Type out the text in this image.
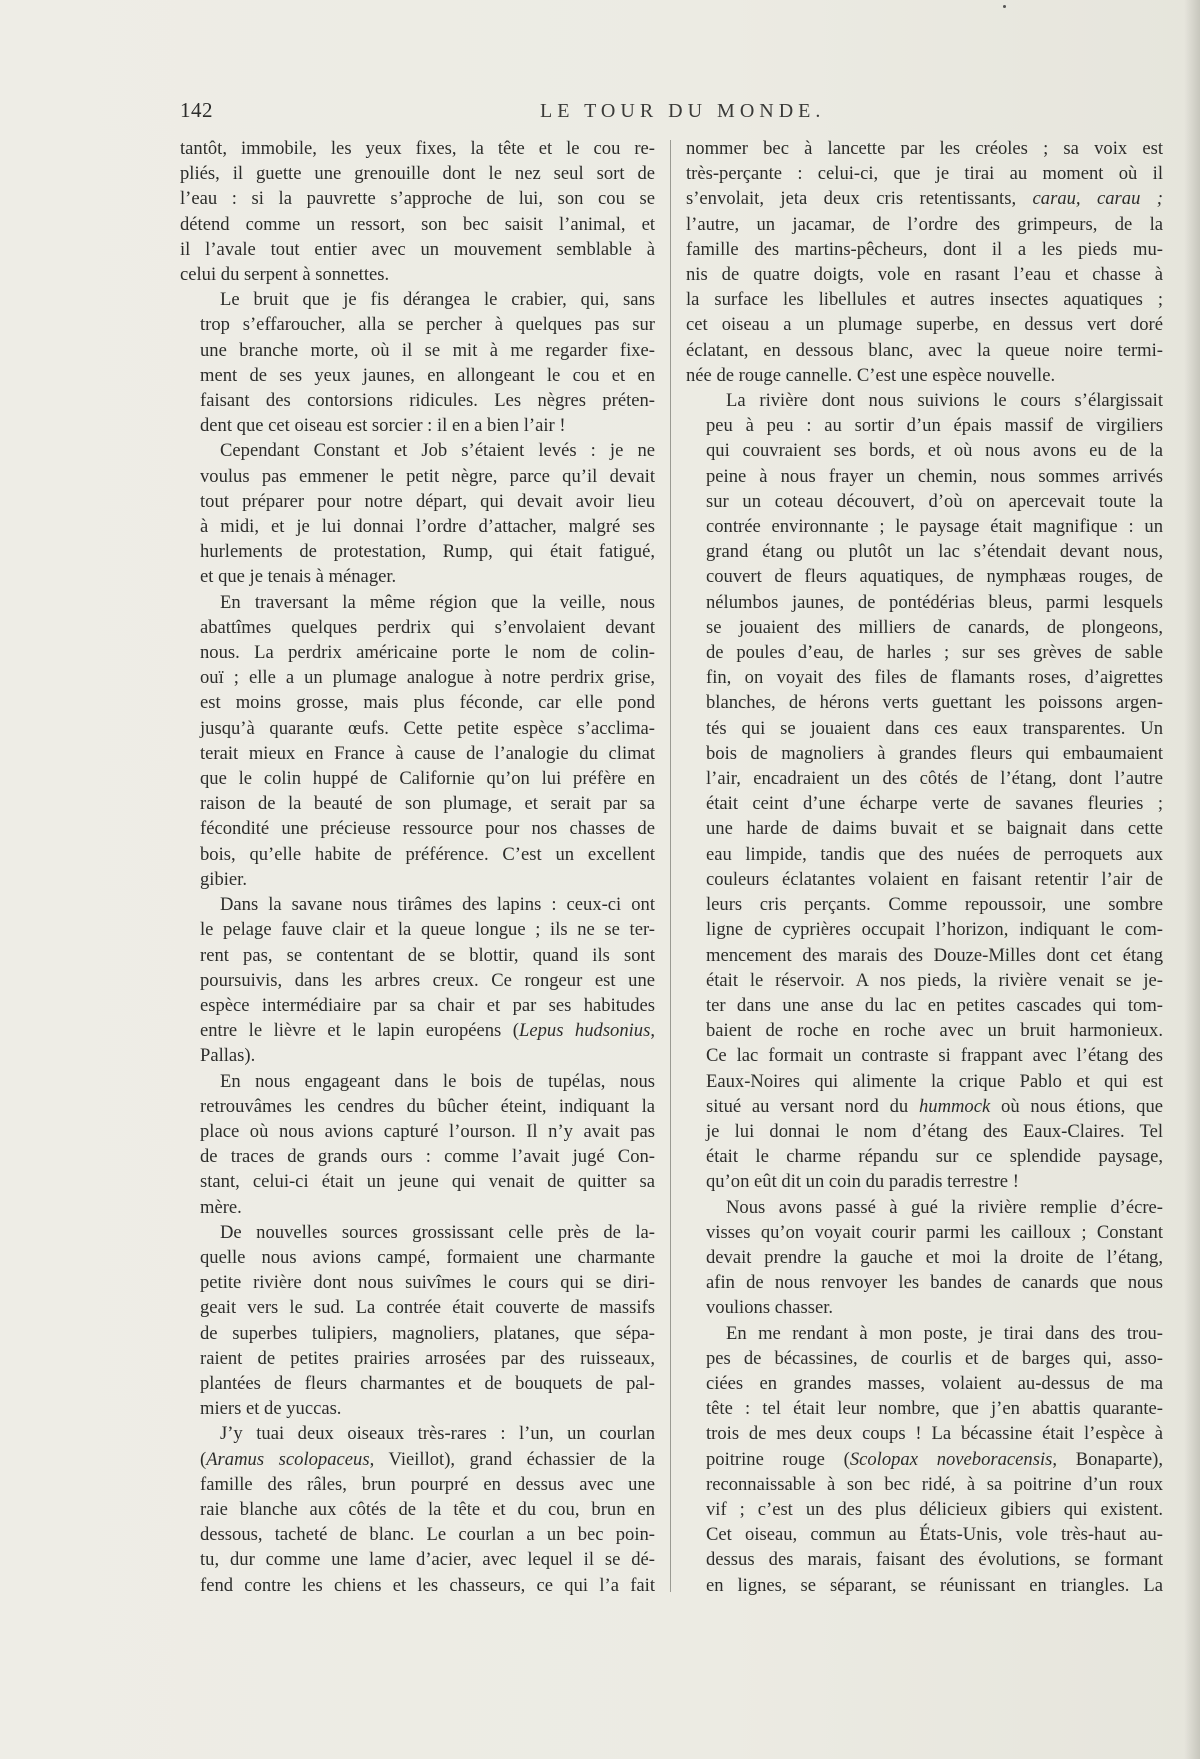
142	LE TOUR DU MONDE.
tantôt, immobile, les yeux fixes, la tête et le cou re-
pliés, il guette une grenouille dont le nez seul sort de
l’eau : si la pauvrette s’approche de lui, son cou se
détend comme un ressort, son bec saisit l’animal, et
il l’avale tout entier avec un mouvement semblable à
celui du serpent à sonnettes.
Le bruit que je fis dérangea le crabier, qui, sans
trop s’effaroucher, alla se percher à quelques pas sur
une branche morte, où il se mit à me regarder fixe-
ment de ses yeux jaunes, en allongeant le cou et en
faisant des contorsions ridicules. Les nègres préten-
dent que cet oiseau est sorcier : il en a bien l’air !
Cependant Constant et Job s’étaient levés : je ne
voulus pas emmener le petit nègre, parce qu’il devait
tout préparer pour notre départ, qui devait avoir lieu
à midi, et je lui donnai l’ordre d’attacher, malgré ses
hurlements de protestation, Rump, qui était fatigué,
et que je tenais à ménager.
En traversant la même région que la veille, nous
abattîmes quelques perdrix qui s’envolaient devant
nous. La perdrix américaine porte le nom de colin-
ouï ; elle a un plumage analogue à notre perdrix grise,
est moins grosse, mais plus féconde, car elle pond
jusqu’à quarante œufs. Cette petite espèce s’acclima-
terait mieux en France à cause de l’analogie du climat
que le colin huppé de Californie qu’on lui préfère en
raison de la beauté de son plumage, et serait par sa
fécondité une précieuse ressource pour nos chasses de
bois, qu’elle habite de préférence. C’est un excellent
gibier.
Dans la savane nous tirâmes des lapins : ceux-ci ont
le pelage fauve clair et la queue longue ; ils ne se ter-
rent pas, se contentant de se blottir, quand ils sont
poursuivis, dans les arbres creux. Ce rongeur est une
espèce intermédiaire par sa chair et par ses habitudes
entre le lièvre et le lapin européens (Lepus hudsonius,
Pallas).
En nous engageant dans le bois de tupélas, nous
retrouvâmes les cendres du bûcher éteint, indiquant la
place où nous avions capturé l’ourson. Il n’y avait pas
de traces de grands ours : comme l’avait jugé Con-
stant, celui-ci était un jeune qui venait de quitter sa
mère.
De nouvelles sources grossissant celle près de la-
quelle nous avions campé, formaient une charmante
petite rivière dont nous suivîmes le cours qui se diri-
geait vers le sud. La contrée était couverte de massifs
de superbes tulipiers, magnoliers, platanes, que sépa-
raient de petites prairies arrosées par des ruisseaux,
plantées de fleurs charmantes et de bouquets de pal-
miers et de yuccas.
J’y tuai deux oiseaux très-rares : l’un, un courlan
(Aramus scolopaceus, Vieillot), grand échassier de la
famille des râles, brun pourpré en dessus avec une
raie blanche aux côtés de la tête et du cou, brun en
dessous, tacheté de blanc. Le courlan a un bec poin-
tu, dur comme une lame d’acier, avec lequel il se dé-
fend contre les chiens et les chasseurs, ce qui l’a fait
nommer bec à lancette par les créoles ; sa voix est
très-perçante : celui-ci, que je tirai au moment où il
s’envolait, jeta deux cris retentissants, carau, carau ;
l’autre, un jacamar, de l’ordre des grimpeurs, de la
famille des martins-pêcheurs, dont il a les pieds mu-
nis de quatre doigts, vole en rasant l’eau et chasse à
la surface les libellules et autres insectes aquatiques ;
cet oiseau a un plumage superbe, en dessus vert doré
éclatant, en dessous blanc, avec la queue noire termi-
née de rouge cannelle. C’est une espèce nouvelle.
La rivière dont nous suivions le cours s’élargissait
peu à peu : au sortir d’un épais massif de virgiliers
qui couvraient ses bords, et où nous avons eu de la
peine à nous frayer un chemin, nous sommes arrivés
sur un coteau découvert, d’où on apercevait toute la
contrée environnante ; le paysage était magnifique : un
grand étang ou plutôt un lac s’étendait devant nous,
couvert de fleurs aquatiques, de nymphæas rouges, de
nélumbos jaunes, de pontédérias bleus, parmi lesquels
se jouaient des milliers de canards, de plongeons,
de poules d’eau, de harles ; sur ses grèves de sable
fin, on voyait des files de flamants roses, d’aigrettes
blanches, de hérons verts guettant les poissons argen-
tés qui se jouaient dans ces eaux transparentes. Un
bois de magnoliers à grandes fleurs qui embaumaient
l’air, encadraient un des côtés de l’étang, dont l’autre
était ceint d’une écharpe verte de savanes fleuries ;
une harde de daims buvait et se baignait dans cette
eau limpide, tandis que des nuées de perroquets aux
couleurs éclatantes volaient en faisant retentir l’air de
leurs cris perçants. Comme repoussoir, une sombre
ligne de cyprières occupait l’horizon, indiquant le com-
mencement des marais des Douze-Milles dont cet étang
était le réservoir. A nos pieds, la rivière venait se je-
ter dans une anse du lac en petites cascades qui tom-
baient de roche en roche avec un bruit harmonieux.
Ce lac formait un contraste si frappant avec l’étang des
Eaux-Noires qui alimente la crique Pablo et qui est
situé au versant nord du hummock où nous étions, que
je lui donnai le nom d’étang des Eaux-Claires. Tel
était le charme répandu sur ce splendide paysage,
qu’on eût dit un coin du paradis terrestre !
Nous avons passé à gué la rivière remplie d’écre-
visses qu’on voyait courir parmi les cailloux ; Constant
devait prendre la gauche et moi la droite de l’étang,
afin de nous renvoyer les bandes de canards que nous
voulions chasser.
En me rendant à mon poste, je tirai dans des trou-
pes de bécassines, de courlis et de barges qui, asso-
ciées en grandes masses, volaient au-dessus de ma
tête : tel était leur nombre, que j’en abattis quarante-
trois de mes deux coups ! La bécassine était l’espèce à
poitrine rouge (Scolopax noveboracensis, Bonaparte),
reconnaissable à son bec ridé, à sa poitrine d’un roux
vif ; c’est un des plus délicieux gibiers qui existent.
Cet oiseau, commun au États-Unis, vole très-haut au-
dessus des marais, faisant des évolutions, se formant
en lignes, se séparant, se réunissant en triangles. La
